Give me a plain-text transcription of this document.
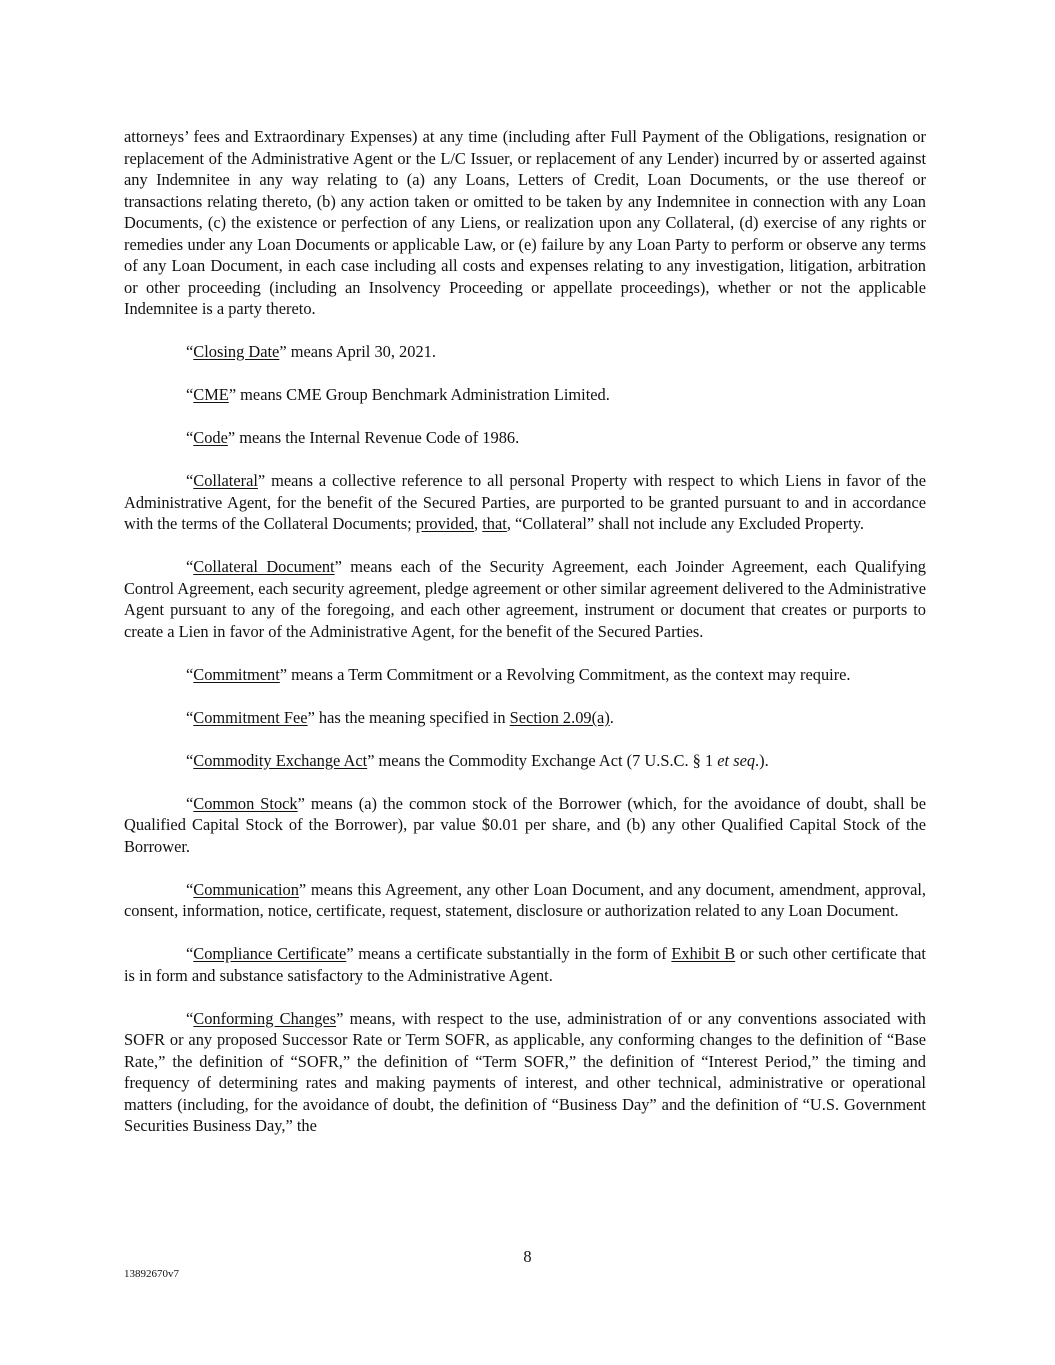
attorneys’ fees and Extraordinary Expenses) at any time (including after Full Payment of the Obligations, resignation or replacement of the Administrative Agent or the L/C Issuer, or replacement of any Lender) incurred by or asserted against any Indemnitee in any way relating to (a) any Loans, Letters of Credit, Loan Documents, or the use thereof or transactions relating thereto, (b) any action taken or omitted to be taken by any Indemnitee in connection with any Loan Documents, (c) the existence or perfection of any Liens, or realization upon any Collateral, (d) exercise of any rights or remedies under any Loan Documents or applicable Law, or (e) failure by any Loan Party to perform or observe any terms of any Loan Document, in each case including all costs and expenses relating to any investigation, litigation, arbitration or other proceeding (including an Insolvency Proceeding or appellate proceedings), whether or not the applicable Indemnitee is a party thereto.

“Closing Date” means April 30, 2021.

“CME” means CME Group Benchmark Administration Limited.

“Code” means the Internal Revenue Code of 1986.

“Collateral” means a collective reference to all personal Property with respect to which Liens in favor of the Administrative Agent, for the benefit of the Secured Parties, are purported to be granted pursuant to and in accordance with the terms of the Collateral Documents; provided, that, “Collateral” shall not include any Excluded Property.

“Collateral Document” means each of the Security Agreement, each Joinder Agreement, each Qualifying Control Agreement, each security agreement, pledge agreement or other similar agreement delivered to the Administrative Agent pursuant to any of the foregoing, and each other agreement, instrument or document that creates or purports to create a Lien in favor of the Administrative Agent, for the benefit of the Secured Parties.

“Commitment” means a Term Commitment or a Revolving Commitment, as the context may require.

“Commitment Fee” has the meaning specified in Section 2.09(a).

“Commodity Exchange Act” means the Commodity Exchange Act (7 U.S.C. § 1 et seq.).

“Common Stock” means (a) the common stock of the Borrower (which, for the avoidance of doubt, shall be Qualified Capital Stock of the Borrower), par value $0.01 per share, and (b) any other Qualified Capital Stock of the Borrower.

“Communication” means this Agreement, any other Loan Document, and any document, amendment, approval, consent, information, notice, certificate, request, statement, disclosure or authorization related to any Loan Document.

“Compliance Certificate” means a certificate substantially in the form of Exhibit B or such other certificate that is in form and substance satisfactory to the Administrative Agent.

“Conforming Changes” means, with respect to the use, administration of or any conventions associated with SOFR or any proposed Successor Rate or Term SOFR, as applicable, any conforming changes to the definition of “Base Rate,” the definition of “SOFR,” the definition of “Term SOFR,” the definition of “Interest Period,” the timing and frequency of determining rates and making payments of interest, and other technical, administrative or operational matters (including, for the avoidance of doubt, the definition of “Business Day” and the definition of “U.S. Government Securities Business Day,” the

8
13892670v7
